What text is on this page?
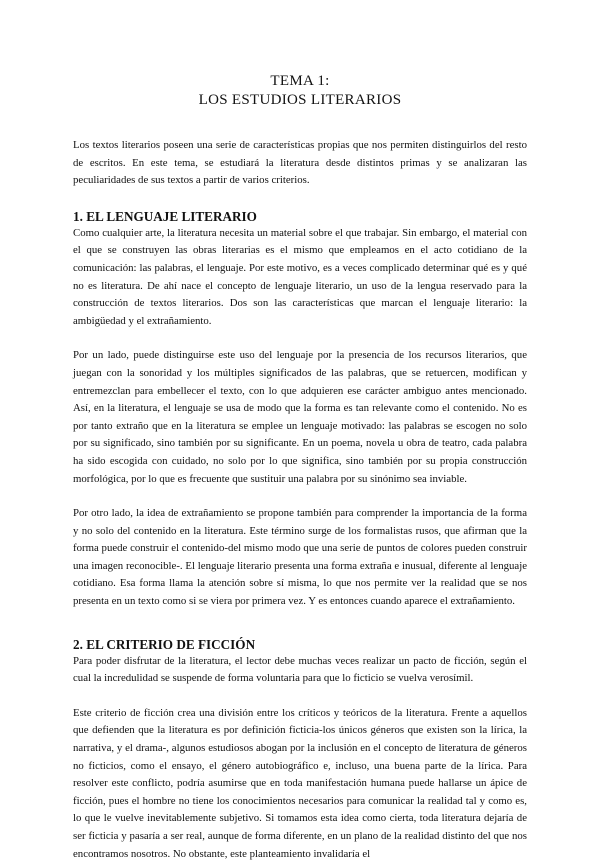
TEMA 1:
LOS ESTUDIOS LITERARIOS

Los textos literarios poseen una serie de características propias que nos permiten distinguirlos del resto de escritos. En este tema, se estudiará la literatura desde distintos primas y se analizaran las peculiaridades de sus textos a partir de varios criterios.

1. EL LENGUAJE LITERARIO

Como cualquier arte, la literatura necesita un material sobre el que trabajar. Sin embargo, el material con el que se construyen las obras literarias es el mismo que empleamos en el acto cotidiano de la comunicación: las palabras, el lenguaje. Por este motivo, es a veces complicado determinar qué es y qué no es literatura. De ahí nace el concepto de lenguaje literario, un uso de la lengua reservado para la construcción de textos literarios. Dos son las características que marcan el lenguaje literario: la ambigüedad y el extrañamiento.

Por un lado, puede distinguirse este uso del lenguaje por la presencia de los recursos literarios, que juegan con la sonoridad y los múltiples significados de las palabras, que se retuercen, modifican y entremezclan para embellecer el texto, con lo que adquieren ese carácter ambiguo antes mencionado. Así, en la literatura, el lenguaje se usa de modo que la forma es tan relevante como el contenido. No es por tanto extraño que en la literatura se emplee un lenguaje motivado: las palabras se escogen no solo por su significado, sino también por su significante. En un poema, novela u obra de teatro, cada palabra ha sido escogida con cuidado, no solo por lo que significa, sino también por su propia construcción morfológica, por lo que es frecuente que sustituir una palabra por su sinónimo sea inviable.

Por otro lado, la idea de extrañamiento se propone también para comprender la importancia de la forma y no solo del contenido en la literatura. Este término surge de los formalistas rusos, que afirman que la forma puede construir el contenido-del mismo modo que una serie de puntos de colores pueden construir una imagen reconocible-. El lenguaje literario presenta una forma extraña e inusual, diferente al lenguaje cotidiano. Esa forma llama la atención sobre sí misma, lo que nos permite ver la realidad que se nos presenta en un texto como si se viera por primera vez. Y es entonces cuando aparece el extrañamiento.

2. EL CRITERIO DE FICCIÓN

Para poder disfrutar de la literatura, el lector debe muchas veces realizar un pacto de ficción, según el cual la incredulidad se suspende de forma voluntaria para que lo ficticio se vuelva verosímil.

Este criterio de ficción crea una división entre los críticos y teóricos de la literatura. Frente a aquellos que defienden que la literatura es por definición ficticia-los únicos géneros que existen son la lírica, la narrativa, y el drama-, algunos estudiosos abogan por la inclusión en el concepto de literatura de géneros no ficticios, como el ensayo, el género autobiográfico e, incluso, una buena parte de la lírica. Para resolver este conflicto, podría asumirse que en toda manifestación humana puede hallarse un ápice de ficción, pues el hombre no tiene los conocimientos necesarios para comunicar la realidad tal y como es, lo que le vuelve inevitablemente subjetivo. Si tomamos esta idea como cierta, toda literatura dejaría de ser ficticia y pasaría a ser real, aunque de forma diferente, en un plano de la realidad distinto del que nos encontramos nosotros. No obstante, este planteamiento invalidaría el
